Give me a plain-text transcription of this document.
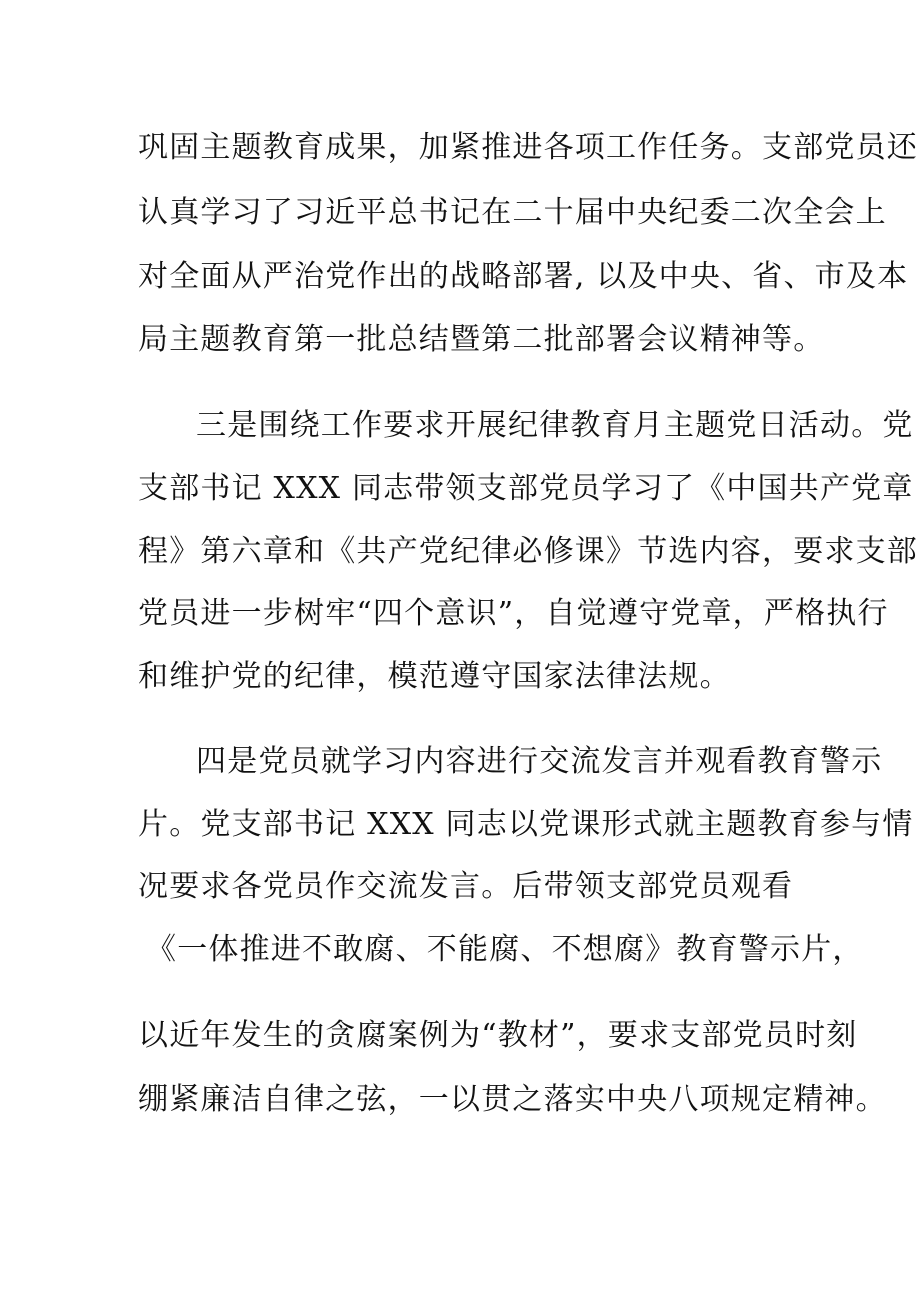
巩固主题教育成果，加紧推进各项工作任务。支部党员还
认真学习了习近平总书记在二十届中央纪委二次全会上
对全面从严治党作出的战略部署, 以及中央、省、市及本
局主题教育第一批总结暨第二批部署会议精神等。
三是围绕工作要求开展纪律教育月主题党日活动。党
支部书记 XXX 同志带领支部党员学习了《中国共产党章
程》第六章和《共产党纪律必修课》节选内容，要求支部
党员进一步树牢“四个意识”，自觉遵守党章，严格执行
和维护党的纪律，模范遵守国家法律法规。
四是党员就学习内容进行交流发言并观看教育警示
片。党支部书记 XXX 同志以党课形式就主题教育参与情
况要求各党员作交流发言。后带领支部党员观看
《一体推进不敢腐、不能腐、不想腐》教育警示片，
以近年发生的贪腐案例为“教材”，要求支部党员时刻
绷紧廉洁自律之弦，一以贯之落实中央八项规定精神。
